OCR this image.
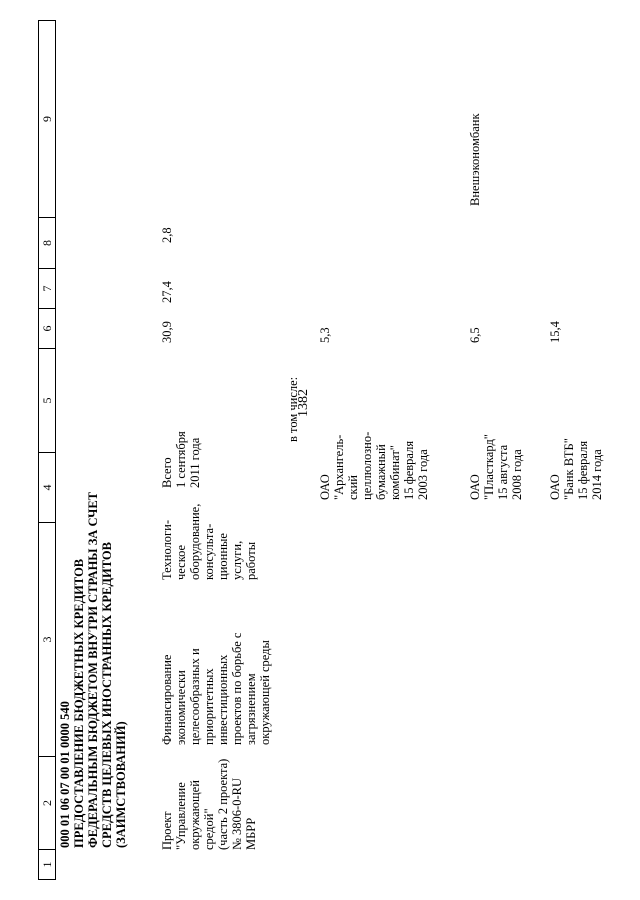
1382
1
2
3
4
5
6
7
8
9
000 01 06 07 00 01 0000 540 ПРЕДОСТАВЛЕНИЕ БЮДЖЕТНЫХ КРЕДИТОВ ФЕДЕРАЛЬНЫМ БЮДЖЕТОМ ВНУТРИ СТРАНЫ ЗА СЧЕТ СРЕДСТВ ЦЕЛЕВЫХ ИНОСТРАННЫХ КРЕДИТОВ (ЗАИМСТВОВАНИЙ)	Проект "Управление окружающей средой" (часть 2 проекта) № 3806-0-RU МБРР
Финансирование экономически целесообразных и приоритетных инвестиционных проектов по борьбе с загрязнением окружающей среды
Технологи- ческое оборудование, консульта- ционные услуги, работы
Всего 1 сентября 2011 года
30,9
27,4
2,8
Внешэкономбанк
в том числе:
ОАО "Архангель- ский целлюлозно- бумажный комбинат" 15 февраля 2003 года
5,3
ОАО "Пласткард" 15 августа 2008 года
6,5
ОАО "Банк ВТБ" 15 февраля 2014 года
15,4
